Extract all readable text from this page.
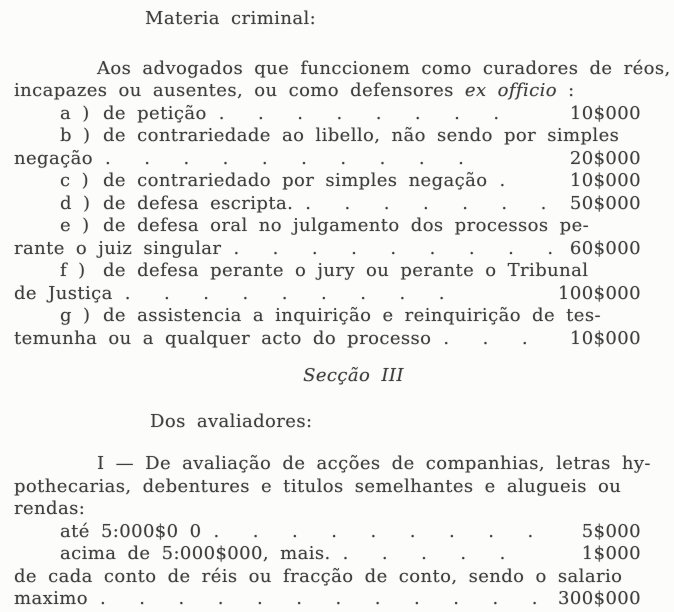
Materia criminal:
Aos advogados que funccionem como curadores de réos,
incapazes ou ausentes, ou como defensores ex officio :
a ) de petição . . . . . . . .	10$000
b ) de contrariedade ao libello, não sendo por simples
negação . . . . . . . . . .	20$000
c ) de contrariedado por simples negação .	10$000
d ) de defesa escripta. . . . . . . .	50$000
e ) de defesa oral no julgamento dos processos pe-
rante o juiz singular . . . . . . . . . 60$000
f ) de defesa perante o jury ou perante o Tribunal
de Justiça . . . . . . . . .	100$000
g ) de assistencia a inquirição e reinquirição de tes-
temunha ou a qualquer acto do processo . . .	10$000
Secção III
Dos avaliadores:
I — De avaliação de acções de companhias, letras hy-
pothecarias, debentures e titulos semelhantes e alugueis ou
rendas:
até 5:000$0 0 . . . . . . . . .	5$000
acima de 5:000$000, mais. . . . . .	1$000
de cada conto de réis ou fracção de conto, sendo o salario
maximo . . . . . . . . . . . .	300$000
